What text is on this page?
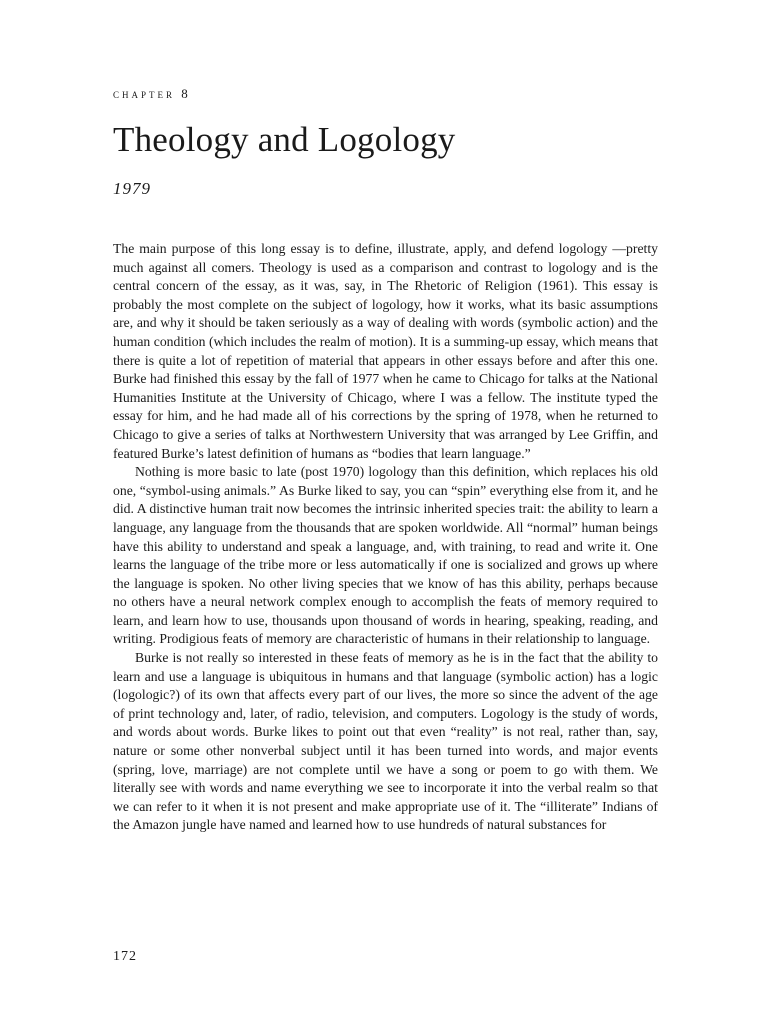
chapter 8
Theology and Logology
1979

The main purpose of this long essay is to define, illustrate, apply, and defend logology —pretty much against all comers. Theology is used as a comparison and contrast to logology and is the central concern of the essay, as it was, say, in The Rhetoric of Religion (1961). This essay is probably the most complete on the subject of logology, how it works, what its basic assumptions are, and why it should be taken seriously as a way of dealing with words (symbolic action) and the human condition (which includes the realm of motion). It is a summing-up essay, which means that there is quite a lot of repetition of material that appears in other essays before and after this one. Burke had finished this essay by the fall of 1977 when he came to Chicago for talks at the National Humanities Institute at the University of Chicago, where I was a fellow. The institute typed the essay for him, and he had made all of his corrections by the spring of 1978, when he returned to Chicago to give a series of talks at Northwestern University that was arranged by Lee Griffin, and featured Burke’s latest definition of humans as “bodies that learn language.”

Nothing is more basic to late (post 1970) logology than this definition, which replaces his old one, “symbol-using animals.” As Burke liked to say, you can “spin” everything else from it, and he did. A distinctive human trait now becomes the intrinsic inherited species trait: the ability to learn a language, any language from the thousands that are spoken worldwide. All “normal” human beings have this ability to understand and speak a language, and, with training, to read and write it. One learns the language of the tribe more or less automatically if one is socialized and grows up where the language is spoken. No other living species that we know of has this ability, perhaps because no others have a neural network complex enough to accomplish the feats of memory required to learn, and learn how to use, thousands upon thousand of words in hearing, speaking, reading, and writing. Prodigious feats of memory are characteristic of humans in their relationship to language.

Burke is not really so interested in these feats of memory as he is in the fact that the ability to learn and use a language is ubiquitous in humans and that language (symbolic action) has a logic (logologic?) of its own that affects every part of our lives, the more so since the advent of the age of print technology and, later, of radio, television, and computers. Logology is the study of words, and words about words. Burke likes to point out that even “reality” is not real, rather than, say, nature or some other nonverbal subject until it has been turned into words, and major events (spring, love, marriage) are not complete until we have a song or poem to go with them. We literally see with words and name everything we see to incorporate it into the verbal realm so that we can refer to it when it is not present and make appropriate use of it. The “illiterate” Indians of the Amazon jungle have named and learned how to use hundreds of natural substances for

172
